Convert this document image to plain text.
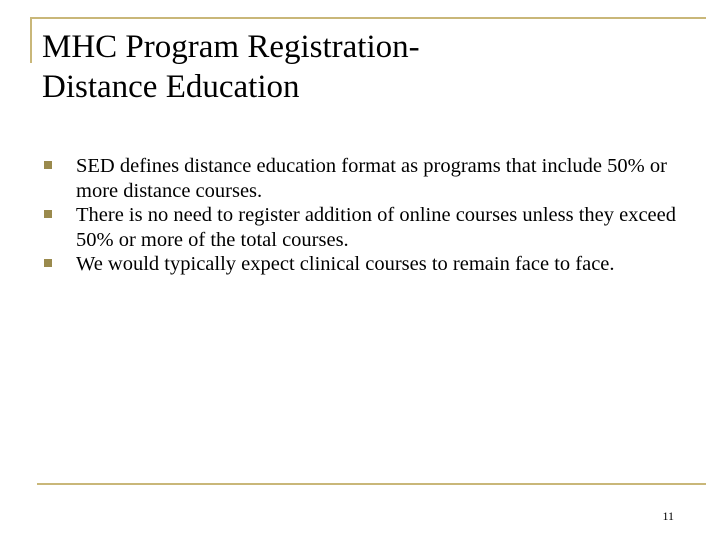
MHC Program Registration-
Distance Education
SED defines distance education format as programs that include 50% or more distance courses.
There is no need to register addition of online courses unless they exceed 50% or more of the total courses.
We would typically expect clinical courses to remain face to face.
11
